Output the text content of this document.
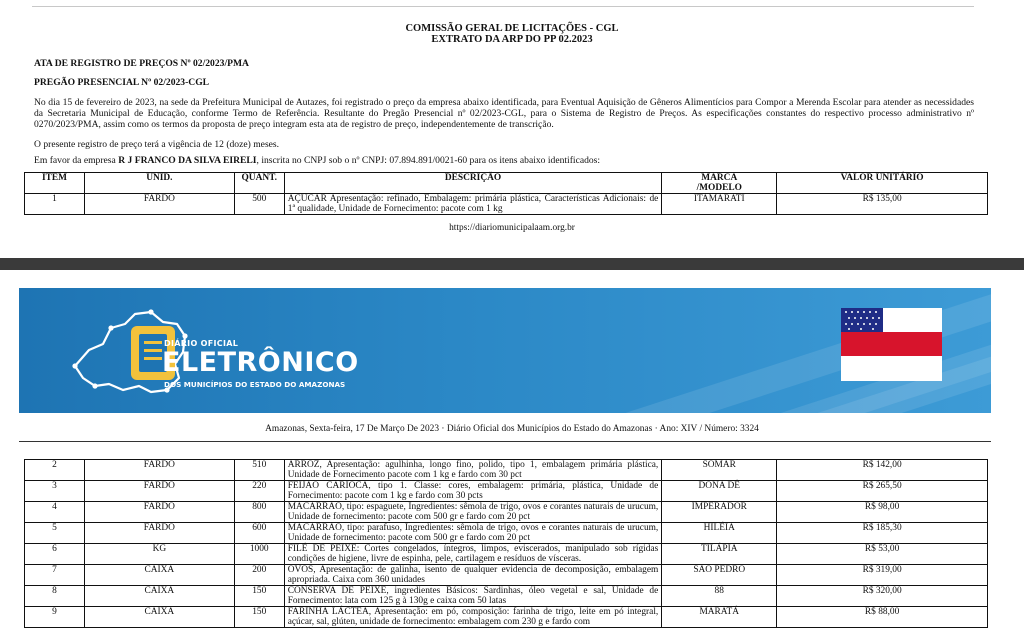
COMISSÃO GERAL DE LICITAÇÕES - CGL
EXTRATO DA ARP DO PP 02.2023
ATA DE REGISTRO DE PREÇOS Nº 02/2023/PMA
PREGÃO PRESENCIAL Nº 02/2023-CGL
No dia 15 de fevereiro de 2023, na sede da Prefeitura Municipal de Autazes, foi registrado o preço da empresa abaixo identificada, para Eventual Aquisição de Gêneros Alimentícios para Compor a Merenda Escolar para atender as necessidades da Secretaria Municipal de Educação, conforme Termo de Referência. Resultante do Pregão Presencial nº 02/2023-CGL, para o Sistema de Registro de Preços. As especificações constantes do respectivo processo administrativo nº 0270/2023/PMA, assim como os termos da proposta de preço integram esta ata de registro de preço, independentemente de transcrição.
O presente registro de preço terá a vigência de 12 (doze) meses.
Em favor da empresa R J FRANCO DA SILVA EIRELI, inscrita no CNPJ sob o nº CNPJ: 07.894.891/0021-60 para os itens abaixo identificados:
ITEM	UNID.	QUANT.	DESCRIÇÃO	MARCA
/MODELO	VALOR UNITÁRIO
1	FARDO	500	AÇUCAR Apresentação: refinado, Embalagem: primária plástica, Características Adicionais: de 1ª qualidade, Unidade de Fornecimento: pacote com 1 kg	ITAMARATI	R$ 135,00
https://diariomunicipalaam.org.br
DIÁRIO OFICIAL
ELETRÔNICO
DOS MUNICÍPIOS DO ESTADO DO AMAZONAS
Amazonas, Sexta-feira, 17 De Março De 2023 · Diário Oficial dos Municípios do Estado do Amazonas · Ano: XIV / Número: 3324
2	FARDO	510	ARROZ, Apresentação: agulhinha, longo fino, polido, tipo 1, embalagem primária plástica, Unidade de Fornecimento pacote com 1 kg e fardo com 30 pct	SOMAR	R$ 142,00
3	FARDO	220	FEIJÃO CARIOCA, tipo 1. Classe: cores, embalagem: primária, plástica, Unidade de Fornecimento: pacote com 1 kg e fardo com 30 pcts	DONA DÊ	R$ 265,50
4	FARDO	800	MACARRÃO, tipo: espaguete, Ingredientes: sêmola de trigo, ovos e corantes naturais de urucum, Unidade de fornecimento: pacote com 500 gr e fardo com 20 pct	IMPERADOR	R$ 98,00
5	FARDO	600	MACARRÃO, tipo: parafuso, Ingredientes: sêmola de trigo, ovos e corantes naturais de urucum, Unidade de fornecimento: pacote com 500 gr e fardo com 20 pct	HILÉIA	R$ 185,30
6	KG	1000	FILÉ DE PEIXE: Cortes congelados, íntegros, limpos, eviscerados, manipulado sob rígidas condições de higiene, livre de espinha, pele, cartilagem e resíduos de vísceras.	TILÁPIA	R$ 53,00
7	CAIXA	200	OVOS, Apresentação: de galinha, isento de qualquer evidencia de decomposição, embalagem apropriada. Caixa com 360 unidades	SÃO PEDRO	R$ 319,00
8	CAIXA	150	CONSERVA DE PEIXE, ingredientes Básicos: Sardinhas, óleo vegetal e sal, Unidade de Fornecimento: lata com 125 g à 130g e caixa com 50 latas	88	R$ 320,00
9	CAIXA	150	FARINHA LÁCTEA, Apresentação: em pó, composição: farinha de trigo, leite em pó integral, açúcar, sal, glúten, unidade de fornecimento: embalagem com 230 g e fardo com	MARATÁ	R$ 88,00
